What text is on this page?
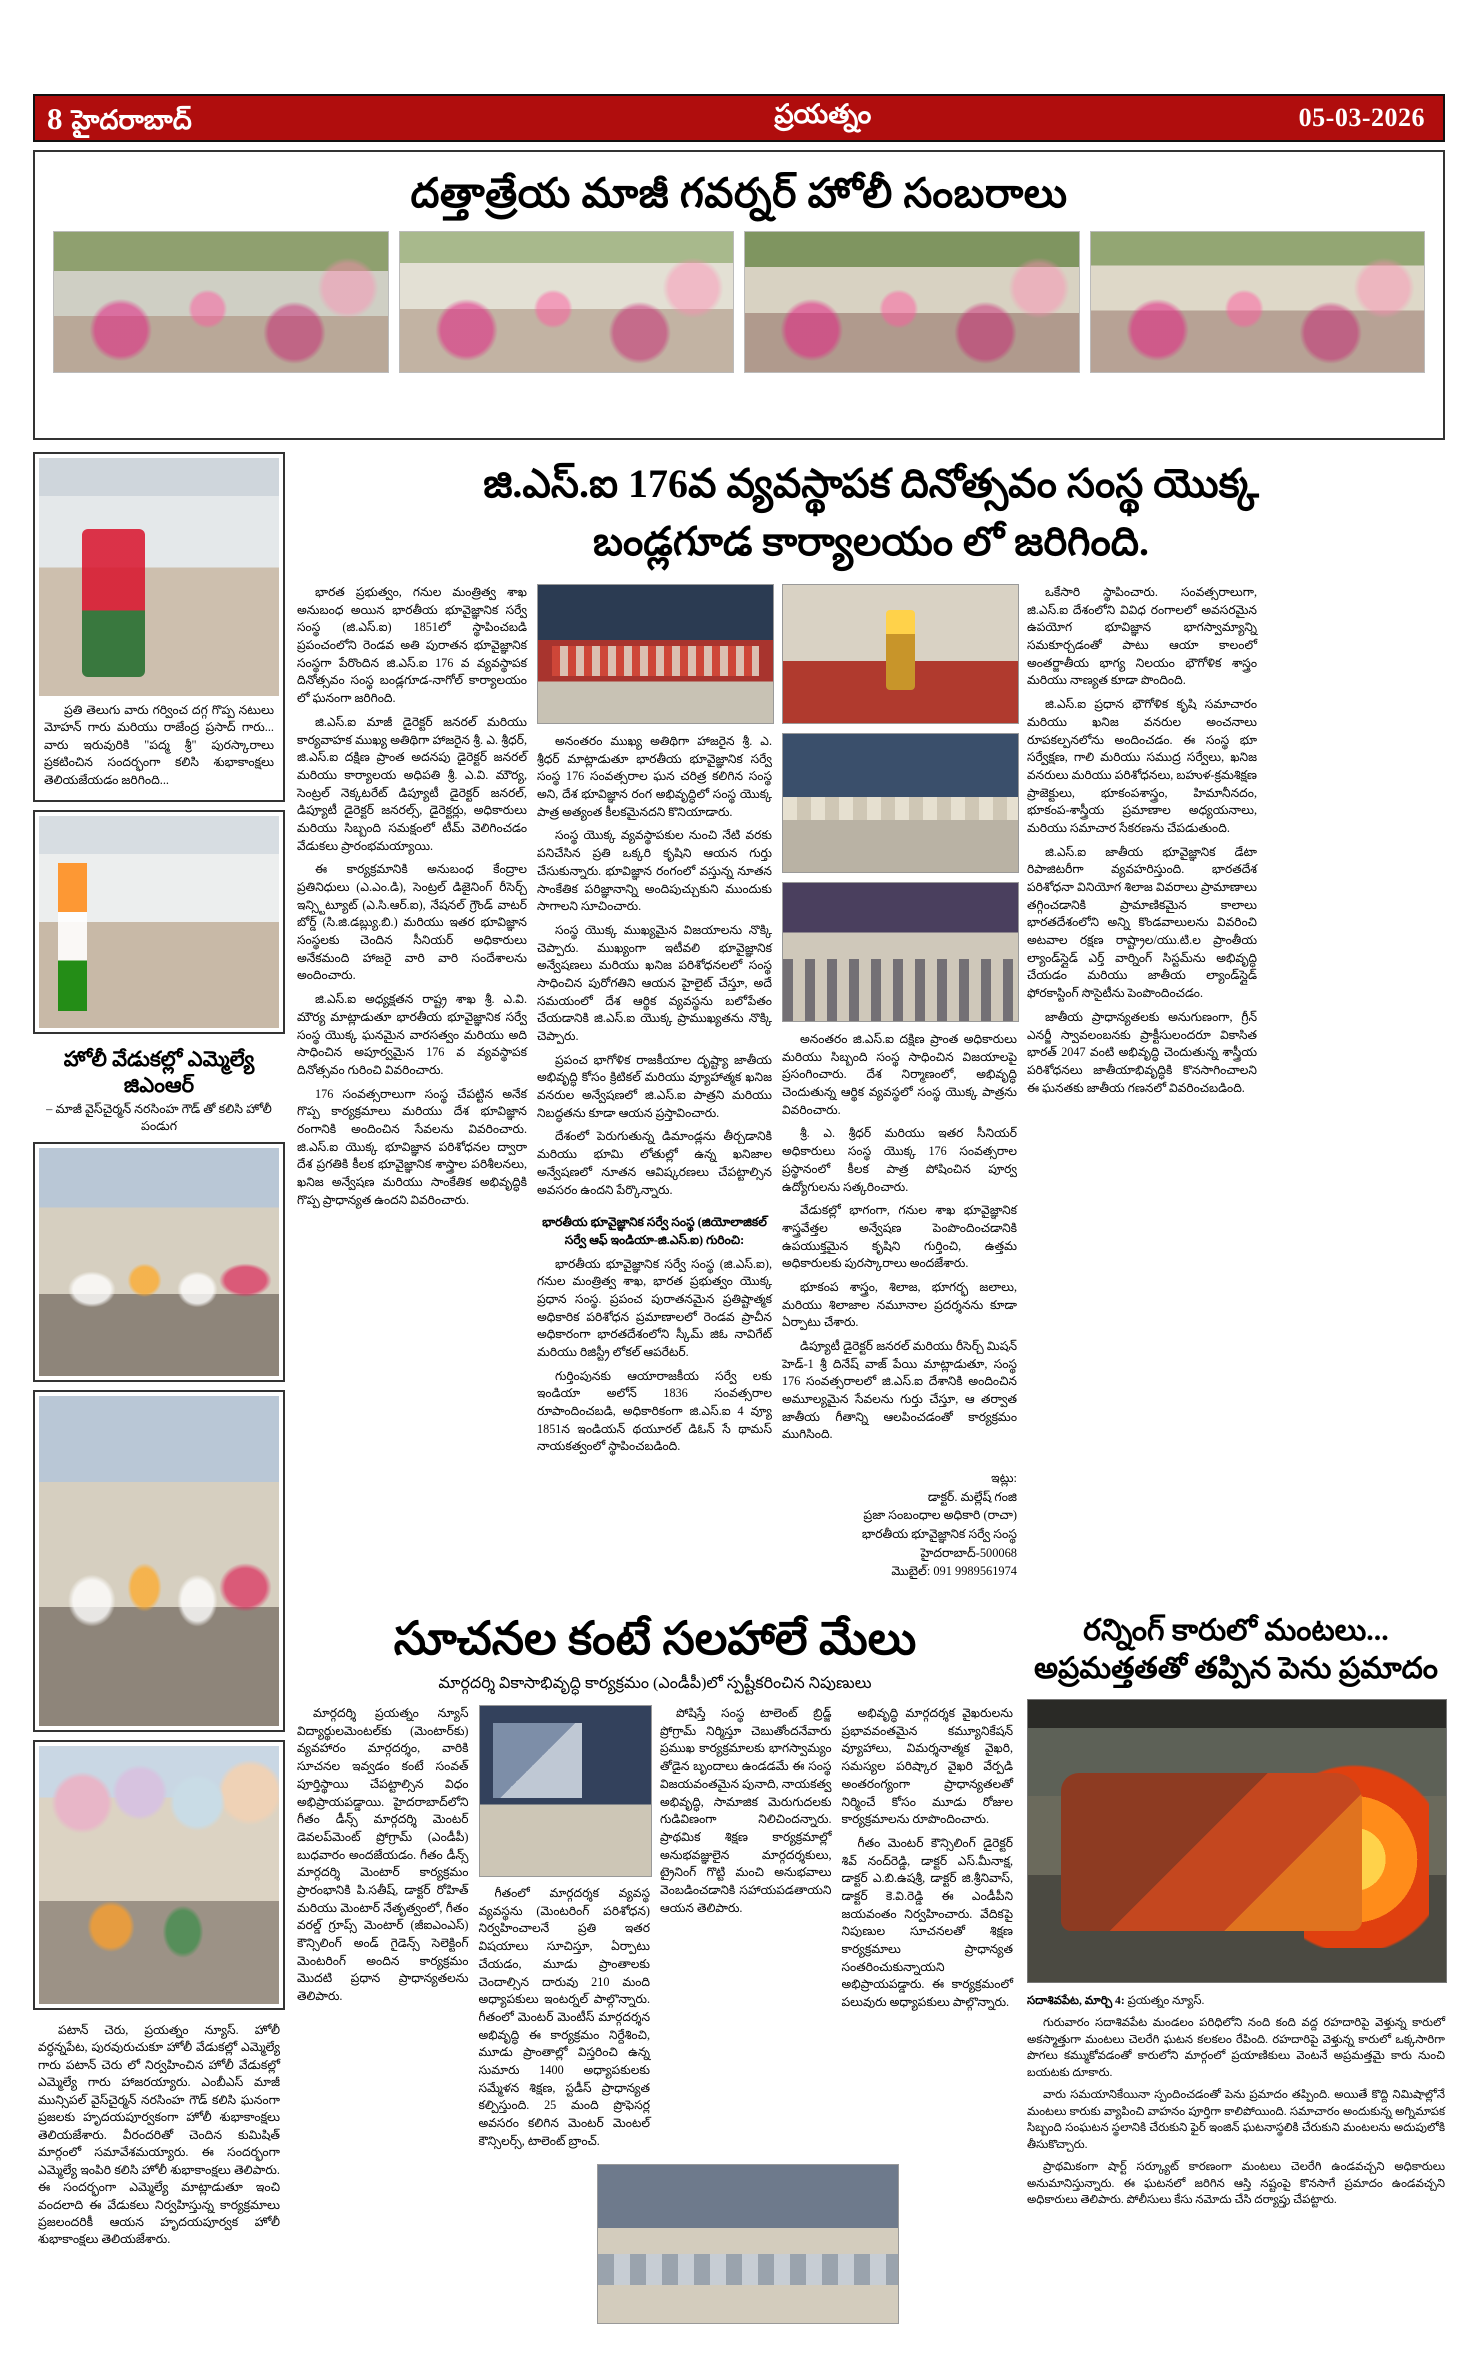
8 హైదరాబాద్	ప్రయత్నం	05-03-2026
దత్తాత్రేయ మాజీ గవర్నర్ హోలీ సంబరాలు
ప్రతి తెలుగు వారు గర్వించ దగ్గ గొప్ప నటులు మోహన్ గారు మరియు రాజేంద్ర ప్రసాద్ గారు... వారు ఇరువురికి "పద్మ శ్రీ" పురస్కారాలు ప్రకటించిన సందర్భంగా కలిసి శుభాకాంక్షలు తెలియజేయడం జరిగింది...
హోలీ వేడుకల్లో ఎమ్మెల్యే జిఎంఆర్
– మాజీ వైస్‌చైర్మన్ నరసింహ గౌడ్ తో కలిసి హోలీ పండుగ
పటాన్ చెరు, ప్రయత్నం న్యూస్. హోలీ వర్ధన్నపేట, పురవురుచుకూ హోలీ వేడుకల్లో ఎమ్మెల్యే గారు పటాన్ చెరు లో నిర్వహించిన హోలీ వేడుకల్లో ఎమ్మెల్యే గారు హాజరయ్యారు. ఎంబీఎస్ మాజీ మున్సిపల్ వైస్‌చైర్మన్ నరసింహ గౌడ్ కలిసి ఘనంగా ప్రజలకు హృదయపూర్వకంగా హోలీ శుభాకాంక్షలు తెలియజేశారు. వీరందరితో చెందిన కుమిషిత్ మార్గంలో సమావేశమయ్యారు. ఈ సందర్భంగా ఎమ్మెల్యే ఇంపిరి కలిసి హోలీ శుభాకాంక్షలు తెలిపారు. ఈ సందర్భంగా ఎమ్మెల్యే మాట్లాడుతూ ఇంచి వందలాది ఈ వేడుకలు నిర్వహిస్తున్న కార్యక్రమాలు ప్రజలందరికీ ఆయన హృదయపూర్వక హోలీ శుభాకాంక్షలు తెలియజేశారు.
జి.ఎస్.ఐ 176వ వ్యవస్థాపక దినోత్సవం సంస్థ యొక్క
బండ్లగూడ కార్యాలయం లో జరిగింది.

భారత ప్రభుత్వం, గనుల మంత్రిత్వ శాఖ అనుబంధ అయిన భారతీయ భూవైజ్ఞానిక సర్వే సంస్థ (జి.ఎస్.ఐ) 1851లో స్థాపించబడి ప్రపంచంలోని రెండవ అతి పురాతన భూవైజ్ఞానిక సంస్థగా పేరొందిన జి.ఎస్.ఐ 176 వ వ్యవస్థాపక దినోత్సవం సంస్థ బండ్లగూడ-నాగోల్ కార్యాలయం లో ఘనంగా జరిగింది.

జి.ఎస్.ఐ మాజీ డైరెక్టర్ జనరల్ మరియు కార్యవాహక ముఖ్య అతిథిగా హాజరైన శ్రీ. ఎ. శ్రీధర్, జి.ఎస్.ఐ దక్షిణ ప్రాంత అదనపు డైరెక్టర్ జనరల్ మరియు కార్యాలయ అధిపతి శ్రీ. ఎ.వి. మౌర్య, సెంట్రల్ నెక్కటరేట్ డిప్యూటీ డైరెక్టర్ జనరల్, డిప్యూటీ డైరెక్టర్ జనరల్స్, డైరెక్టర్లు, అధికారులు మరియు సిబ్బంది సమక్షంలో టీమ్ వెలిగించడం వేడుకలు ప్రారంభమయ్యాయి.

ఈ కార్యక్రమానికి అనుబంధ కేంద్రాల ప్రతినిధులు (ఎ.ఎం.డి), సెంట్రల్ డిజైనింగ్ రీసెర్చ్ ఇన్స్టిట్యూట్ (ఎ.సి.ఆర్.ఐ), నేషనల్ గ్రౌండ్ వాటర్ బోర్డ్ (సి.జి.డబ్ల్యు.బి.) మరియు ఇతర భూవిజ్ఞాన సంస్థలకు చెందిన సీనియర్ అధికారులు అనేకమంది హాజరై వారి వారి సందేశాలను అందించారు.

జి.ఎస్.ఐ అధ్యక్షతన రాష్ట్ర శాఖ శ్రీ. ఎ.వి. మౌర్య మాట్లాడుతూ భారతీయ భూవైజ్ఞానిక సర్వే సంస్థ యొక్క ఘనమైన వారసత్వం మరియు అది సాధించిన అపూర్వమైన 176 వ వ్యవస్థాపక దినోత్సవం గురించి వివరించారు.

176 సంవత్సరాలుగా సంస్థ చేపట్టిన అనేక గొప్ప కార్యక్రమాలు మరియు దేశ భూవిజ్ఞాన రంగానికి అందించిన సేవలను వివరించారు. జి.ఎస్.ఐ యొక్క భూవిజ్ఞాన పరిశోధనల ద్వారా దేశ ప్రగతికి కీలక భూవైజ్ఞానిక శాస్త్రాల పరిశీలనలు, ఖనిజ అన్వేషణ మరియు సాంకేతిక అభివృద్ధికి గొప్ప ప్రాధాన్యత ఉందని వివరించారు.

అనంతరం ముఖ్య అతిథిగా హాజరైన శ్రీ. ఎ. శ్రీధర్ మాట్లాడుతూ భారతీయ భూవైజ్ఞానిక సర్వే సంస్థ 176 సంవత్సరాల ఘన చరిత్ర కలిగిన సంస్థ అని, దేశ భూవిజ్ఞాన రంగ అభివృద్ధిలో సంస్థ యొక్క పాత్ర అత్యంత కీలకమైనదని కొనియాడారు.

సంస్థ యొక్క వ్యవస్థాపకుల నుంచి నేటి వరకు పనిచేసిన ప్రతి ఒక్కరి కృషిని ఆయన గుర్తు చేసుకున్నారు. భూవిజ్ఞాన రంగంలో వస్తున్న నూతన సాంకేతిక పరిజ్ఞానాన్ని అందిపుచ్చుకుని ముందుకు సాగాలని సూచించారు.

సంస్థ యొక్క ముఖ్యమైన విజయాలను నొక్కి చెప్పారు. ముఖ్యంగా ఇటీవలి భూవైజ్ఞానిక అన్వేషణలు మరియు ఖనిజ పరిశోధనలలో సంస్థ సాధించిన పురోగతిని ఆయన హైలైట్ చేస్తూ, అదే సమయంలో దేశ ఆర్థిక వ్యవస్థను బలోపేతం చేయడానికి జి.ఎస్.ఐ యొక్క ప్రాముఖ్యతను నొక్కి చెప్పారు.

ప్రపంచ భాగోళిక రాజకీయాల దృష్ట్యా జాతీయ అభివృద్ధి కోసం క్రిటికల్ మరియు వ్యూహాత్మక ఖనిజ వనరుల అన్వేషణలో జి.ఎస్.ఐ పాత్రని మరియు నిబద్ధతను కూడా ఆయన ప్రస్తావించారు.

దేశంలో పెరుగుతున్న డిమాండ్లను తీర్చడానికి మరియు భూమి లోతుల్లో ఉన్న ఖనిజాల అన్వేషణలో నూతన ఆవిష్కరణలు చేపట్టాల్సిన అవసరం ఉందని పేర్కొన్నారు.

భారతీయ భూవైజ్ఞానిక సర్వే సంస్థ (జియోలాజికల్ సర్వే ఆఫ్ ఇండియా-జి.ఎస్.ఐ) గురించి:

భారతీయ భూవైజ్ఞానిక సర్వే సంస్థ (జి.ఎస్.ఐ), గనుల మంత్రిత్వ శాఖ, భారత ప్రభుత్వం యొక్క ప్రధాన సంస్థ. ప్రపంచ పురాతనమైన ప్రతిష్టాత్మక అధికారిక పరిశోధన ప్రమాణాలలో రెండవ ప్రాచీన అధికారంగా భారతదేశంలోని స్కీమ్ జిఓ నావిగేట్ మరియు రిజిస్ట్రీ లోకల్ ఆపరేటర్.

గుర్తింపునకు ఆయారాజకీయ సర్వే లకు ఇండియా అలోన్ 1836 సంవత్సరాల రూపాందించబడి, అధికారికంగా జి.ఎస్.ఐ 4 వ్యూ 1851న ఇండియన్ థయూరల్ డిఓన్ సే థామస్ నాయకత్వంలో స్థాపించబడింది.

అనంతరం జి.ఎస్.ఐ దక్షిణ ప్రాంత అధికారులు మరియు సిబ్బంది సంస్థ సాధించిన విజయాలపై ప్రసంగించారు. దేశ నిర్మాణంలో, అభివృద్ధి చెందుతున్న ఆర్థిక వ్యవస్థలో సంస్థ యొక్క పాత్రను వివరించారు.

శ్రీ. ఎ. శ్రీధర్ మరియు ఇతర సీనియర్ అధికారులు సంస్థ యొక్క 176 సంవత్సరాల ప్రస్థానంలో కీలక పాత్ర పోషించిన పూర్వ ఉద్యోగులను సత్కరించారు.

వేడుకల్లో భాగంగా, గనుల శాఖ భూవైజ్ఞానిక శాస్త్రవేత్తల అన్వేషణ పెంపొందించడానికి ఉపయుక్తమైన కృషిని గుర్తించి, ఉత్తమ అధికారులకు పురస్కారాలు అందజేశారు.

భూకంప శాస్త్రం, శిలాజ, భూగర్భ జలాలు, మరియు శిలాజాల నమూనాల ప్రదర్శనను కూడా ఏర్పాటు చేశారు.

డిప్యూటీ డైరెక్టర్ జనరల్ మరియు రీసెర్చ్ మిషన్ హెడ్-1 శ్రీ దినేష్ వాజ్ పేయి మాట్లాడుతూ, సంస్థ 176 సంవత్సరాలలో జి.ఎస్.ఐ దేశానికి అందించిన అమూల్యమైన సేవలను గుర్తు చేస్తూ, ఆ తర్వాత జాతీయ గీతాన్ని ఆలపించడంతో కార్యక్రమం ముగిసింది.

ఇట్లు:
డాక్టర్. మల్లేష్ గంజి
ప్రజా సంబంధాల అధికారి (రాచా)
భారతీయ భూవైజ్ఞానిక సర్వే సంస్థ
హైదరాబాద్-500068
మొబైల్: 091 9989561974

ఒకేసారి స్థాపించారు. సంవత్సరాలుగా, జి.ఎస్.ఐ దేశంలోని వివిధ రంగాలలో అవసరమైన ఉపయోగ భూవిజ్ఞాన భాగస్వామ్యాన్ని సమకూర్చడంతో పాటు ఆయా కాలంలో అంతర్జాతీయ భాగ్య నిలయం భౌగోళిక శాస్త్రం మరియు నాణ్యత కూడా పొందింది.

జి.ఎస్.ఐ ప్రధాన భౌగోళిక కృషి సమాచారం మరియు ఖనిజ వనరుల అంచనాలు రూపకల్పనలోను అందించడం. ఈ సంస్థ భూ సర్వేక్షణ, గాలి మరియు సముద్ర సర్వేలు, ఖనిజ వనరులు మరియు పరిశోధనలు, బహుళ-క్రమశిక్షణ ప్రాజెక్టులు, భూకంపశాస్త్రం, హిమానీనదం, భూకంప-శాస్త్రీయ ప్రమాణాల అధ్యయనాలు, మరియు సమాచార సేకరణను చేపడుతుంది.

జి.ఎస్.ఐ జాతీయ భూవైజ్ఞానిక డేటా రిపాజిటరీగా వ్యవహరిస్తుంది. భారతదేశ పరిశోధనా వినియోగ శిలాజ వివరాలు ప్రామాణాలు తగ్గించడానికి ప్రామాణికమైన కాలాలు భారతదేశంలోని అన్ని కొండవాలులను వివరించి అటవాల రక్షణ రాష్ట్రాల/యు.టి.ల ప్రాంతీయ ల్యాండ్‌స్లైడ్ ఎర్త్ వార్నింగ్ సిస్టమ్‌ను అభివృద్ధి చేయడం మరియు జాతీయ ల్యాండ్‌స్లైడ్ ఫోరకాస్టింగ్ సొసైటీను పెంపొందించడం.

జాతీయ ప్రాధాన్యతలకు అనుగుణంగా, గ్రీన్ ఎనర్జీ స్వావలంబనకు ప్రాక్టీసులందరూ వికాసిత భారత్ 2047 వంటి అభివృద్ధి చెందుతున్న శాస్త్రీయ పరిశోధనలు జాతీయాభివృద్ధికి కొనసాగించాలని ఈ ఘనతకు జాతీయ గణనలో వివరించబడింది.

సూచనల కంటే సలహాలే మేలు
మార్గదర్శి వికాసాభివృద్ధి కార్యక్రమం (ఎండీపీ)లో స్పష్టీకరించిన నిపుణులు

మార్గదర్శి ప్రయత్నం న్యూస్ విద్యార్థులమెంటల్‌కు (మెంటార్‌కు) వ్యవహారం మార్గదర్శం, వారికి సూచనల ఇవ్వడం కంటే సంవత్ పూర్తిస్థాయి చేపట్టాల్సిన విధం అభిప్రాయపడ్డాయి. హైదరాబాద్‌లోని గీతం డీన్స్ మార్గదర్శి మెంటర్ డెవలప్‌మెంట్ ప్రోగ్రామ్ (ఎండీపీ) బుధవారం అందజేయడం. గీతం డీన్స్ మార్గదర్శి మెంటార్ కార్యక్రమం ప్రారంభానికి పి.సతీష్, డాక్టర్ రోహిత్ మరియు మెంటార్ నేతృత్వంలో, గీతం వరల్డ్ గ్రూప్స్ మెంటార్ (జీఐఎంఎస్) కౌన్సిలింగ్ అండ్ గైడెన్స్ సెలెక్టింగ్ మెంటరింగ్ అందిన కార్యక్రమం మొదటి ప్రధాన ప్రాధాన్యతలను తెలిపారు.

గీతంలో మార్గదర్శక వ్యవస్థ వ్యవస్థను (మెంటరింగ్ పరిశోధన) నిర్వహించాలనే ప్రతి ఇతర విషయాలు సూచిస్తూ, ఏర్పాటు చేయడం, మూడు ప్రాంతాలకు చెందాల్సిన దారువు 210 మంది అధ్యాపకులు ఇంటర్నల్ పాల్గొన్నారు. గీతంలో మెంటర్ మెంటీస్ మార్గదర్శన అభివృద్ధి ఈ కార్యక్రమం నిర్దేశించి, మూడు ప్రాంతాల్లో విస్తరించి ఉన్న సుమారు 1400 అధ్యాపకులకు సమ్మేళన శిక్షణ, స్టడీస్ ప్రాధాన్యత కల్పిస్తుంది. 25 మంది ప్రొఫెసర్ల అవసరం కలిగిన మెంటర్ మెంటల్ కౌన్సిలర్స్, టాలెంట్ బ్రాంచ్.

పోషిస్తే సంస్థ టాలెంట్ బ్రిడ్జ్ ప్రోగ్రామ్ నిర్మిస్తూ చెబుతోందనేవారు ప్రముఖ కార్యక్రమాలకు భాగస్వామ్యం తోడైన బృందాలు ఉండడమే ఈ సంస్థ విజయవంతమైన పునాది, నాయకత్వ అభివృద్ధి, సామాజిక మెరుగుదలకు గుడివిణంగా నిలిచిందన్నారు. ప్రాథమిక శిక్షణ కార్యక్రమాల్లో అనుభవజ్ఞులైన మార్గదర్శకులు, ట్రైనింగ్ గొట్టి మంచి అనుభవాలు వెంబడించడానికి సహాయపడతాయని ఆయన తెలిపారు.

అభివృద్ధి మార్గదర్శక వైఖరులను ప్రభావవంతమైన కమ్యూనికేషన్ వ్యూహాలు, విమర్శనాత్మక వైఖరి, సమస్యల పరిష్కార వైఖరి వేర్పడి అంతరంగ్యంగా ప్రాధాన్యతలతో నిర్మించే కోసం మూడు రోజుల కార్యక్రమాలను రూపొందించారు.

గీతం మెంటర్ కౌన్సిలింగ్ డైరెక్టర్ శివ్ నంద్‌రెడ్డి, డాక్టర్ ఎస్.మీనాక్ష, డాక్టర్ ఎ.బి.ఉషశ్రీ, డాక్టర్ జి.శ్రీనివాస్, డాక్టర్ కె.వి.రెడ్డి ఈ ఎండీపీని జయవంతం నిర్వహించారు. వేదికపై నిపుణుల సూచనలతో శిక్షణ కార్యక్రమాలు ప్రాధాన్యత సంతరించుకున్నాయని అభిప్రాయపడ్డారు. ఈ కార్యక్రమంలో పలువురు అధ్యాపకులు పాల్గొన్నారు.

రన్నింగ్ కారులో మంటలు...
అప్రమత్తతతో తప్పిన పెను ప్రమాదం

సదాశివపేట, మార్చి 4: ప్రయత్నం న్యూస్.

గురువారం సదాశివపేట మండలం పరిధిలోని నంది కంది వద్ద రహదారిపై వెళ్తున్న కారులో అకస్మాత్తుగా మంటలు చెలరేగి ఘటన కలకలం రేపింది. రహదారిపై వెళ్తున్న కారులో ఒక్కసారిగా పొగలు కమ్ముకోవడంతో కారులోని మార్గంలో ప్రయాణికులు వెంటనే అప్రమత్తమై కారు నుంచి బయటకు దూకారు.

వారు సమయానికేయినా స్పందించడంతో పెను ప్రమాదం తప్పింది. అయితే కొద్ది నిమిషాల్లోనే మంటలు కారుకు వ్యాపించి వాహనం పూర్తిగా కాలిపోయింది. సమాచారం అందుకున్న అగ్నిమాపక సిబ్బంది సంఘటన స్థలానికి చేరుకుని ఫైర్ ఇంజిన్ ఘటనాస్థలికి చేరుకుని మంటలను అదుపులోకి తీసుకొచ్చారు.

ప్రాథమికంగా షార్ట్ సర్క్యూట్ కారణంగా మంటలు చెలరేగి ఉండవచ్చని అధికారులు అనుమానిస్తున్నారు. ఈ ఘటనలో జరిగిన ఆస్తి నష్టంపై కొనసాగే ప్రమాదం ఉండవచ్చని అధికారులు తెలిపారు. పోలీసులు కేసు నమోదు చేసి దర్యాప్తు చేపట్టారు.
